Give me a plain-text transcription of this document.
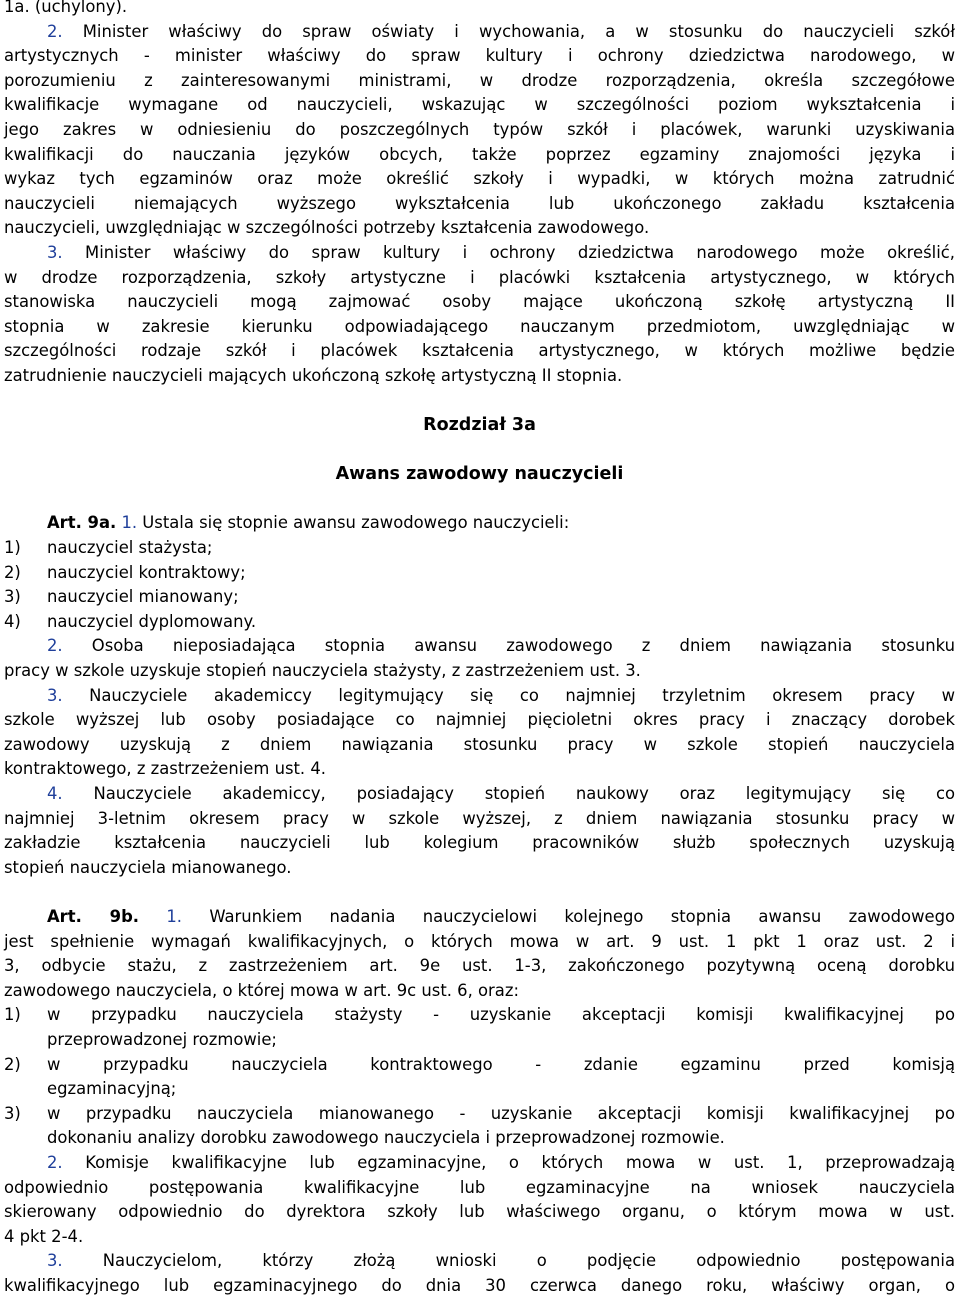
1a. (uchylony).
2. Minister właściwy do spraw oświaty i wychowania, a w stosunku do nauczycieli szkół
artystycznych - minister właściwy do spraw kultury i ochrony dziedzictwa narodowego, w
porozumieniu z zainteresowanymi ministrami, w drodze rozporządzenia, określa szczegółowe
kwalifikacje wymagane od nauczycieli, wskazując w szczególności poziom wykształcenia i
jego zakres w odniesieniu do poszczególnych typów szkół i placówek, warunki uzyskiwania
kwalifikacji do nauczania języków obcych, także poprzez egzaminy znajomości języka i
wykaz tych egzaminów oraz może określić szkoły i wypadki, w których można zatrudnić
nauczycieli niemających wyższego wykształcenia lub ukończonego zakładu kształcenia
nauczycieli, uwzględniając w szczególności potrzeby kształcenia zawodowego.
3. Minister właściwy do spraw kultury i ochrony dziedzictwa narodowego może określić,
w drodze rozporządzenia, szkoły artystyczne i placówki kształcenia artystycznego, w których
stanowiska nauczycieli mogą zajmować osoby mające ukończoną szkołę artystyczną II
stopnia w zakresie kierunku odpowiadającego nauczanym przedmiotom, uwzględniając w
szczególności rodzaje szkół i placówek kształcenia artystycznego, w których możliwe będzie
zatrudnienie nauczycieli mających ukończoną szkołę artystyczną II stopnia.
Rozdział 3a
Awans zawodowy nauczycieli
Art. 9a. 1. Ustala się stopnie awansu zawodowego nauczycieli:
1)	nauczyciel stażysta;
2)	nauczyciel kontraktowy;
3)	nauczyciel mianowany;
4)	nauczyciel dyplomowany.
2. Osoba nieposiadająca stopnia awansu zawodowego z dniem nawiązania stosunku
pracy w szkole uzyskuje stopień nauczyciela stażysty, z zastrzeżeniem ust. 3.
3. Nauczyciele akademiccy legitymujący się co najmniej trzyletnim okresem pracy w
szkole wyższej lub osoby posiadające co najmniej pięcioletni okres pracy i znaczący dorobek
zawodowy uzyskują z dniem nawiązania stosunku pracy w szkole stopień nauczyciela
kontraktowego, z zastrzeżeniem ust. 4.
4. Nauczyciele akademiccy, posiadający stopień naukowy oraz legitymujący się co
najmniej 3-letnim okresem pracy w szkole wyższej, z dniem nawiązania stosunku pracy w
zakładzie kształcenia nauczycieli lub kolegium pracowników służb społecznych uzyskują
stopień nauczyciela mianowanego.
Art. 9b. 1. Warunkiem nadania nauczycielowi kolejnego stopnia awansu zawodowego
jest spełnienie wymagań kwalifikacyjnych, o których mowa w art. 9 ust. 1 pkt 1 oraz ust. 2 i
3, odbycie stażu, z zastrzeżeniem art. 9e ust. 1-3, zakończonego pozytywną oceną dorobku
zawodowego nauczyciela, o której mowa w art. 9c ust. 6, oraz:
1)	w przypadku nauczyciela stażysty - uzyskanie akceptacji komisji kwalifikacyjnej po
przeprowadzonej rozmowie;
2)	w przypadku nauczyciela kontraktowego - zdanie egzaminu przed komisją
egzaminacyjną;
3)	w przypadku nauczyciela mianowanego - uzyskanie akceptacji komisji kwalifikacyjnej po
dokonaniu analizy dorobku zawodowego nauczyciela i przeprowadzonej rozmowie.
2. Komisje kwalifikacyjne lub egzaminacyjne, o których mowa w ust. 1, przeprowadzają
odpowiednio postępowania kwalifikacyjne lub egzaminacyjne na wniosek nauczyciela
skierowany odpowiednio do dyrektora szkoły lub właściwego organu, o którym mowa w ust.
4 pkt 2-4.
3. Nauczycielom, którzy złożą wnioski o podjęcie odpowiednio postępowania
kwalifikacyjnego lub egzaminacyjnego do dnia 30 czerwca danego roku, właściwy organ, o
